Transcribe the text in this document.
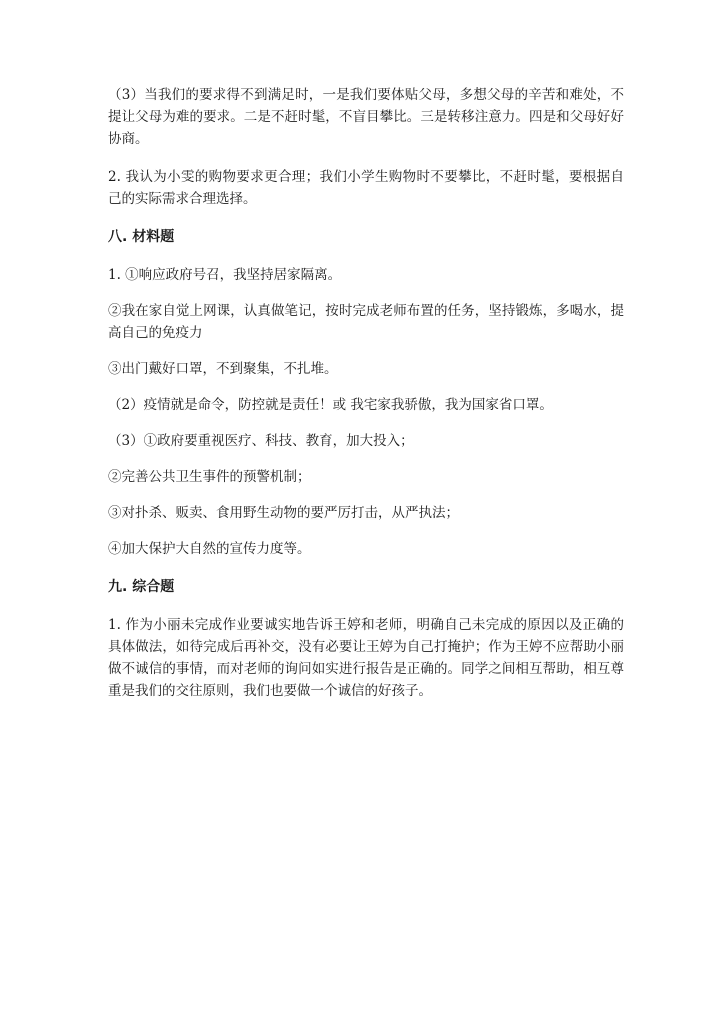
（3）当我们的要求得不到满足时，一是我们要体贴父母，多想父母的辛苦和难处，不提让父母为难的要求。二是不赶时髦，不盲目攀比。三是转移注意力。四是和父母好好协商。

2. 我认为小雯的购物要求更合理；我们小学生购物时不要攀比，不赶时髦，要根据自己的实际需求合理选择。

八. 材料题

1. ①响应政府号召，我坚持居家隔离。

②我在家自觉上网课，认真做笔记，按时完成老师布置的任务，坚持锻炼，多喝水，提高自己的免疫力

③出门戴好口罩，不到聚集，不扎堆。

（2）疫情就是命令，防控就是责任！或 我宅家我骄傲，我为国家省口罩。

（3）①政府要重视医疗、科技、教育，加大投入；

②完善公共卫生事件的预警机制；

③对扑杀、贩卖、食用野生动物的要严厉打击，从严执法；

④加大保护大自然的宣传力度等。

九. 综合题

1. 作为小丽未完成作业要诚实地告诉王婷和老师，明确自己未完成的原因以及正确的具体做法，如待完成后再补交，没有必要让王婷为自己打掩护；作为王婷不应帮助小丽做不诚信的事情，而对老师的询问如实进行报告是正确的。同学之间相互帮助，相互尊重是我们的交往原则，我们也要做一个诚信的好孩子。
